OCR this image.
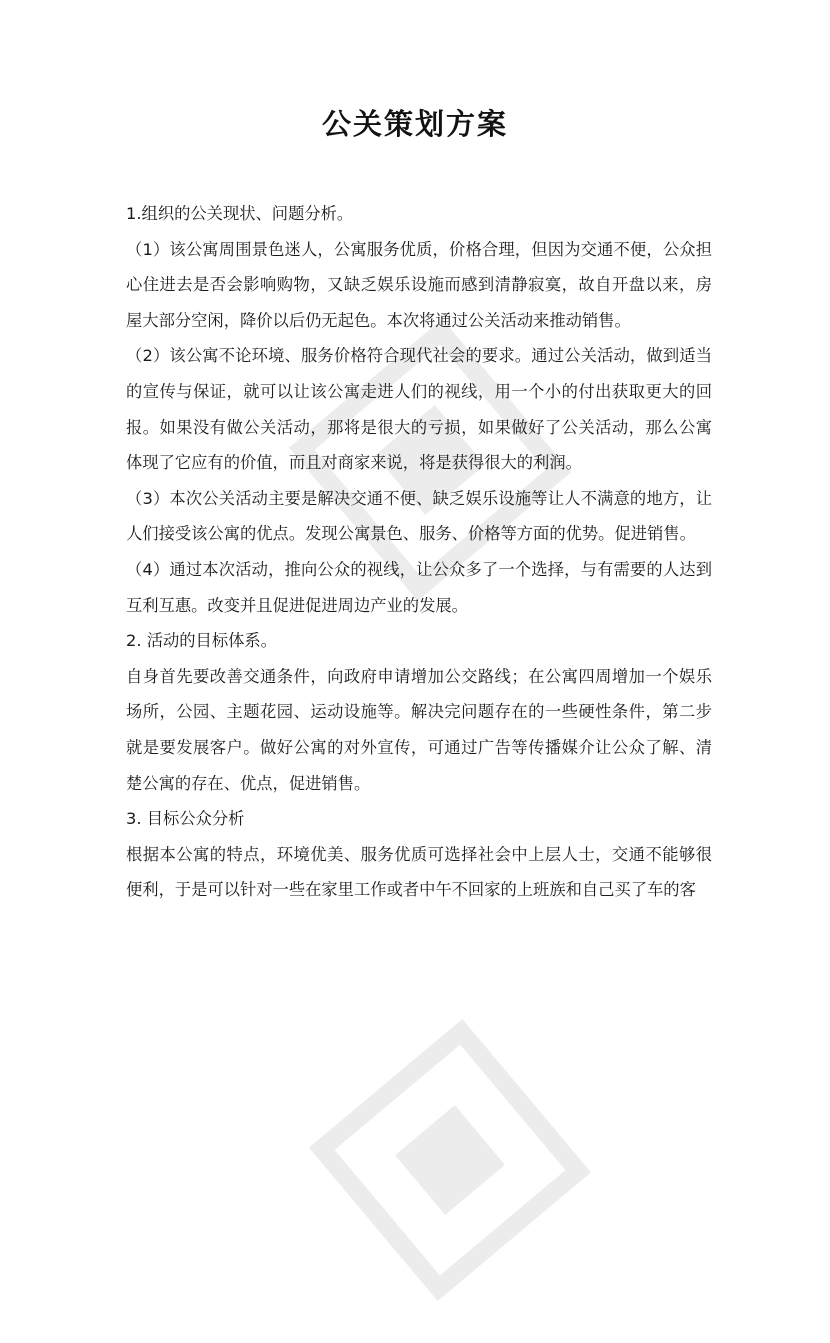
公关策划方案

1.组织的公关现状、问题分析。

（1）该公寓周围景色迷人，公寓服务优质，价格合理，但因为交通不便，公众担心住进去是否会影响购物，又缺乏娱乐设施而感到清静寂寞，故自开盘以来，房屋大部分空闲，降价以后仍无起色。本次将通过公关活动来推动销售。

（2）该公寓不论环境、服务价格符合现代社会的要求。通过公关活动，做到适当的宣传与保证，就可以让该公寓走进人们的视线，用一个小的付出获取更大的回报。如果没有做公关活动，那将是很大的亏损，如果做好了公关活动，那么公寓体现了它应有的价值，而且对商家来说，将是获得很大的利润。

（3）本次公关活动主要是解决交通不便、缺乏娱乐设施等让人不满意的地方，让人们接受该公寓的优点。发现公寓景色、服务、价格等方面的优势。促进销售。

（4）通过本次活动，推向公众的视线，让公众多了一个选择，与有需要的人达到互利互惠。改变并且促进促进周边产业的发展。

2. 活动的目标体系。

自身首先要改善交通条件，向政府申请增加公交路线；在公寓四周增加一个娱乐场所，公园、主题花园、运动设施等。解决完问题存在的一些硬性条件，第二步就是要发展客户。做好公寓的对外宣传，可通过广告等传播媒介让公众了解、清楚公寓的存在、优点，促进销售。

3. 目标公众分析

根据本公寓的特点，环境优美、服务优质可选择社会中上层人士，交通不能够很便利，于是可以针对一些在家里工作或者中午不回家的上班族和自己买了车的客
